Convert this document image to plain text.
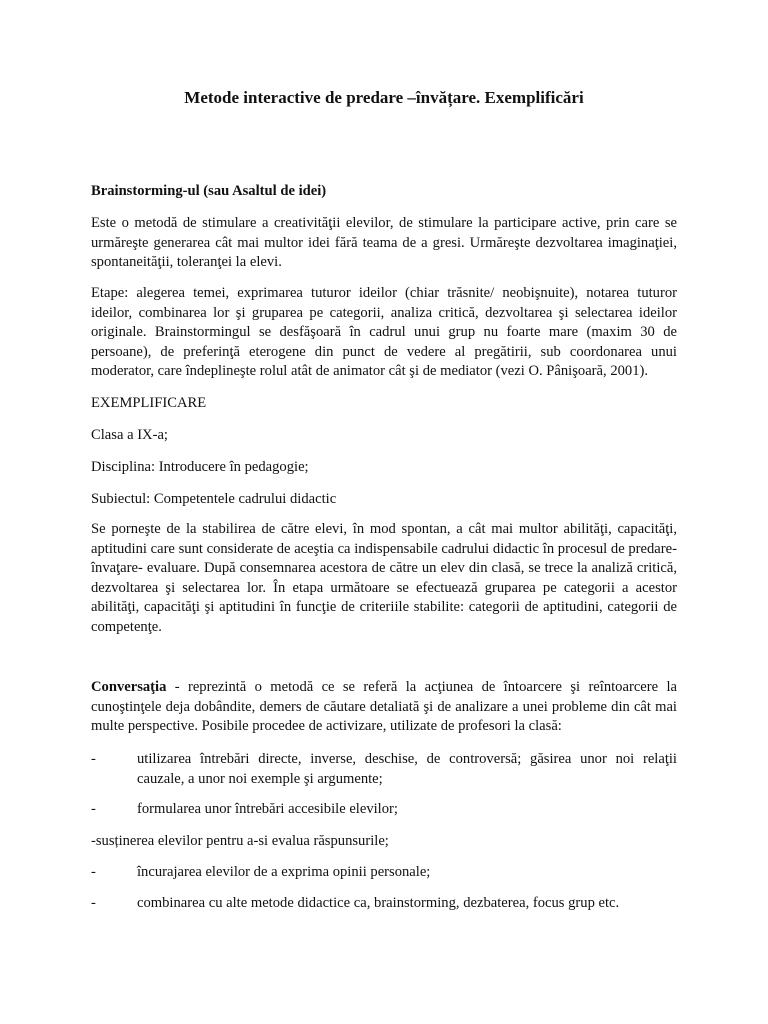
Metode interactive de predare –învățare. Exemplificări
Brainstorming-ul (sau Asaltul de idei)
Este o metodă de stimulare a creativităţii elevilor, de stimulare la participare active, prin care se urmăreşte generarea cât mai multor idei fără teama de a gresi. Urmăreşte dezvoltarea imaginaţiei, spontaneităţii, toleranţei la elevi.
Etape: alegerea temei, exprimarea tuturor ideilor (chiar trăsnite/ neobişnuite), notarea tuturor ideilor, combinarea lor şi gruparea pe categorii, analiza critică, dezvoltarea şi selectarea ideilor originale. Brainstormingul se desfăşoară în cadrul unui grup nu foarte mare (maxim 30 de persoane), de preferinţă eterogene din punct de vedere al pregătirii, sub coordonarea unui moderator, care îndeplineşte rolul atât de animator cât şi de mediator (vezi O. Pânişoară, 2001).
EXEMPLIFICARE
Clasa a IX-a;
Disciplina: Introducere în pedagogie;
Subiectul: Competentele cadrului didactic
Se porneşte de la stabilirea de către elevi, în mod spontan, a cât mai multor abilităţi, capacităţi, aptitudini care sunt considerate de aceştia ca indispensabile cadrului didactic în procesul de predare- învaţare- evaluare. După consemnarea acestora de către un elev din clasă, se trece la analiză critică, dezvoltarea şi selectarea lor. În etapa următoare se efectuează gruparea pe categorii a acestor abilităţi, capacităţi şi aptitudini în funcţie de criteriile stabilite: categorii de aptitudini, categorii de competenţe.
Conversaţia - reprezintă o metodă ce se referă la acţiunea de întoarcere şi reîntoarcere la cunoştinţele deja dobândite, demers de căutare detaliată şi de analizare a unei probleme din cât mai multe perspective. Posibile procedee de activizare, utilizate de profesori la clasă:
-	utilizarea întrebări directe, inverse, deschise, de controversă; găsirea unor noi relaţii cauzale, a unor noi exemple şi argumente;
-	formularea unor întrebări accesibile elevilor;
-susținerea elevilor pentru a-si evalua răspunsurile;
-	încurajarea elevilor de a exprima opinii personale;
-	combinarea cu alte metode didactice ca, brainstorming, dezbaterea, focus grup etc.
